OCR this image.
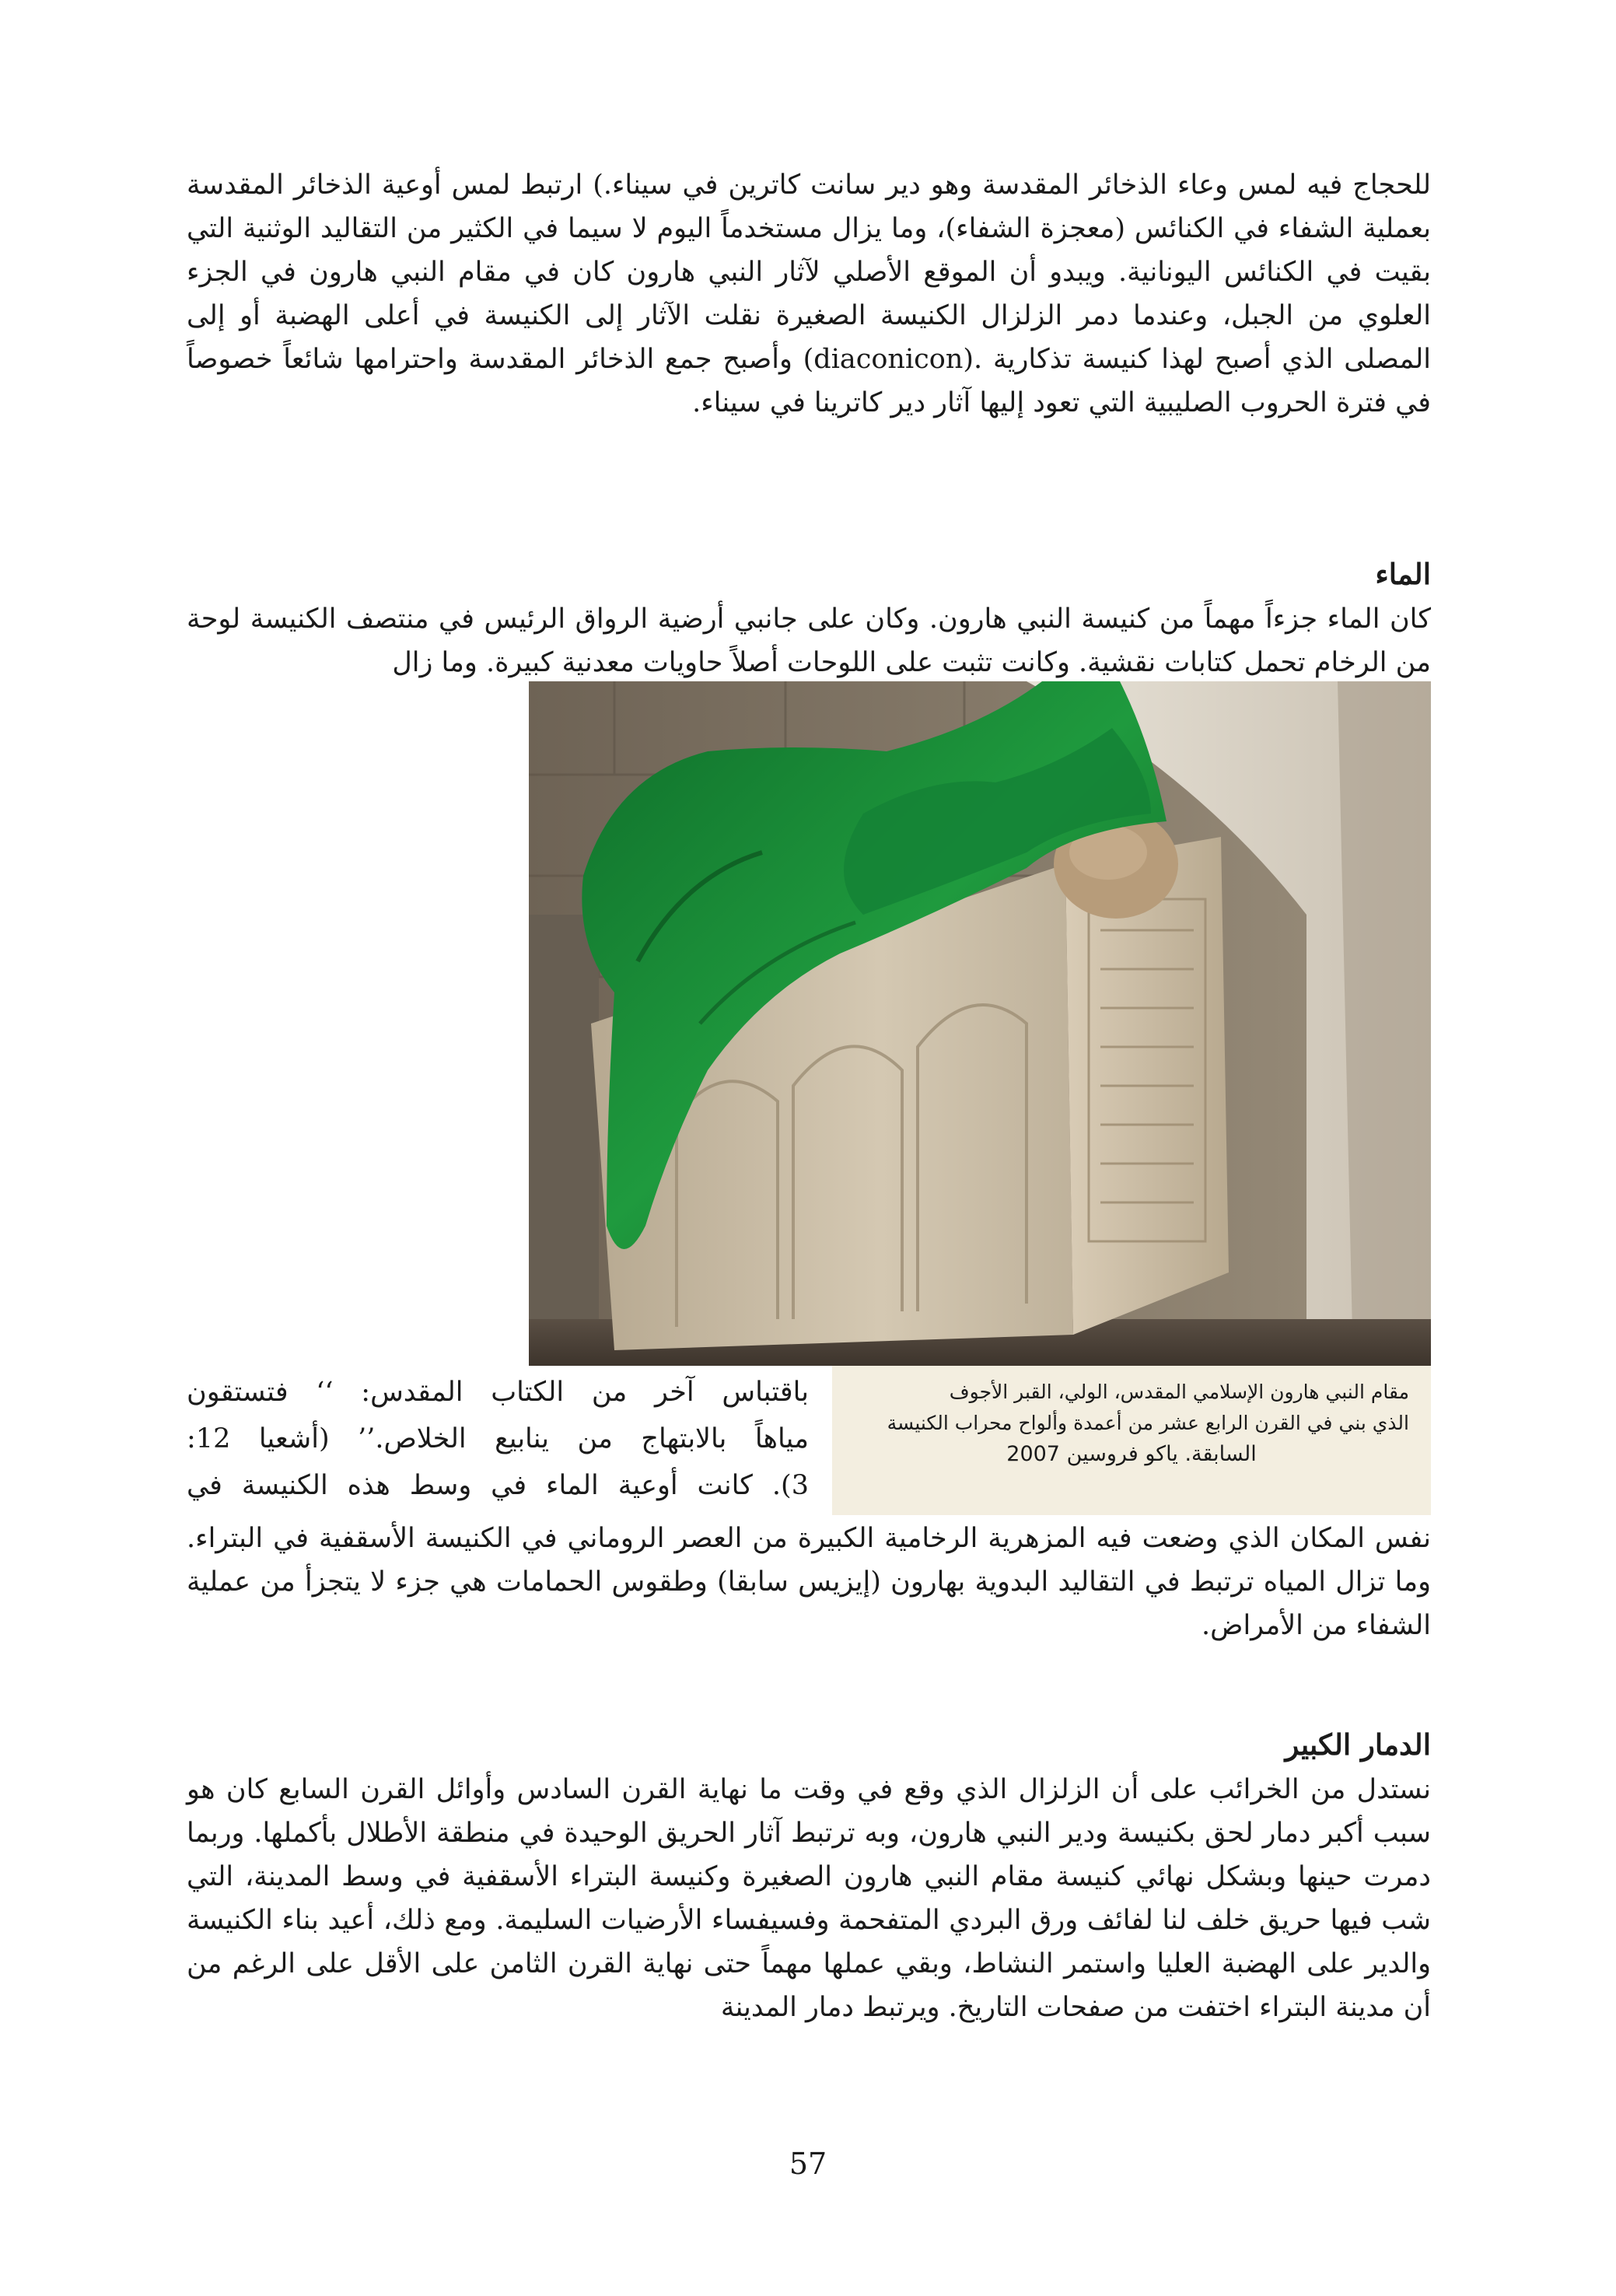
للحجاج فيه لمس وعاء الذخائر المقدسة وهو دير سانت كاترين في سيناء.) ارتبط لمس أوعية الذخائر المقدسة بعملية الشفاء في الكنائس (معجزة الشفاء)، وما يزال مستخدماً اليوم لا سيما في الكثير من التقاليد الوثنية التي بقيت في الكنائس اليونانية. ويبدو أن الموقع الأصلي لآثار النبي هارون كان في مقام النبي هارون في الجزء العلوي من الجبل، وعندما دمر الزلزال الكنيسة الصغيرة نقلت الآثار إلى الكنيسة في أعلى الهضبة أو إلى المصلى الذي أصبح لهذا كنيسة تذكارية .(diaconicon) وأصبح جمع الذخائر المقدسة واحترامها شائعاً خصوصاً في فترة الحروب الصليبية التي تعود إليها آثار دير كاترينا في سيناء.

الماء

كان الماء جزءاً مهماً من كنيسة النبي هارون. وكان على جانبي أرضية الرواق الرئيس في منتصف الكنيسة لوحة من الرخام تحمل كتابات نقشية. وكانت تثبت على اللوحات أصلاً حاويات معدنية كبيرة. وما زال

مقام النبي هارون الإسلامي المقدس، الولي، القبر الأجوف
الذي بني في القرن الرابع عشر من أعمدة وألواح محراب الكنيسة
السابقة. ياكو فروسين 2007
باقتباس آخر من الكتاب المقدس: ‘‘ فتستقون
مياهاً بالابتهاج من ينابيع الخلاص.’’ (أشعيا 12:
3). كانت أوعية الماء في وسط هذه الكنيسة في

نفس المكان الذي وضعت فيه المزهرية الرخامية الكبيرة من العصر الروماني في الكنيسة الأسقفية في البتراء. وما تزال المياه ترتبط في التقاليد البدوية بهارون (إيزيس سابقا) وطقوس الحمامات هي جزء لا يتجزأ من عملية الشفاء من الأمراض.

الدمار الكبير

نستدل من الخرائب على أن الزلزال الذي وقع في وقت ما نهاية القرن السادس وأوائل القرن السابع كان هو سبب أكبر دمار لحق بكنيسة ودير النبي هارون، وبه ترتبط آثار الحريق الوحيدة في منطقة الأطلال بأكملها. وربما دمرت حينها وبشكل نهائي كنيسة مقام النبي هارون الصغيرة وكنيسة البتراء الأسقفية في وسط المدينة، التي شب فيها حريق خلف لنا لفائف ورق البردي المتفحمة وفسيفساء الأرضيات السليمة. ومع ذلك، أعيد بناء الكنيسة والدير على الهضبة العليا واستمر النشاط، وبقي عملها مهماً حتى نهاية القرن الثامن على الأقل على الرغم من أن مدينة البتراء اختفت من صفحات التاريخ. ويرتبط دمار المدينة

57
